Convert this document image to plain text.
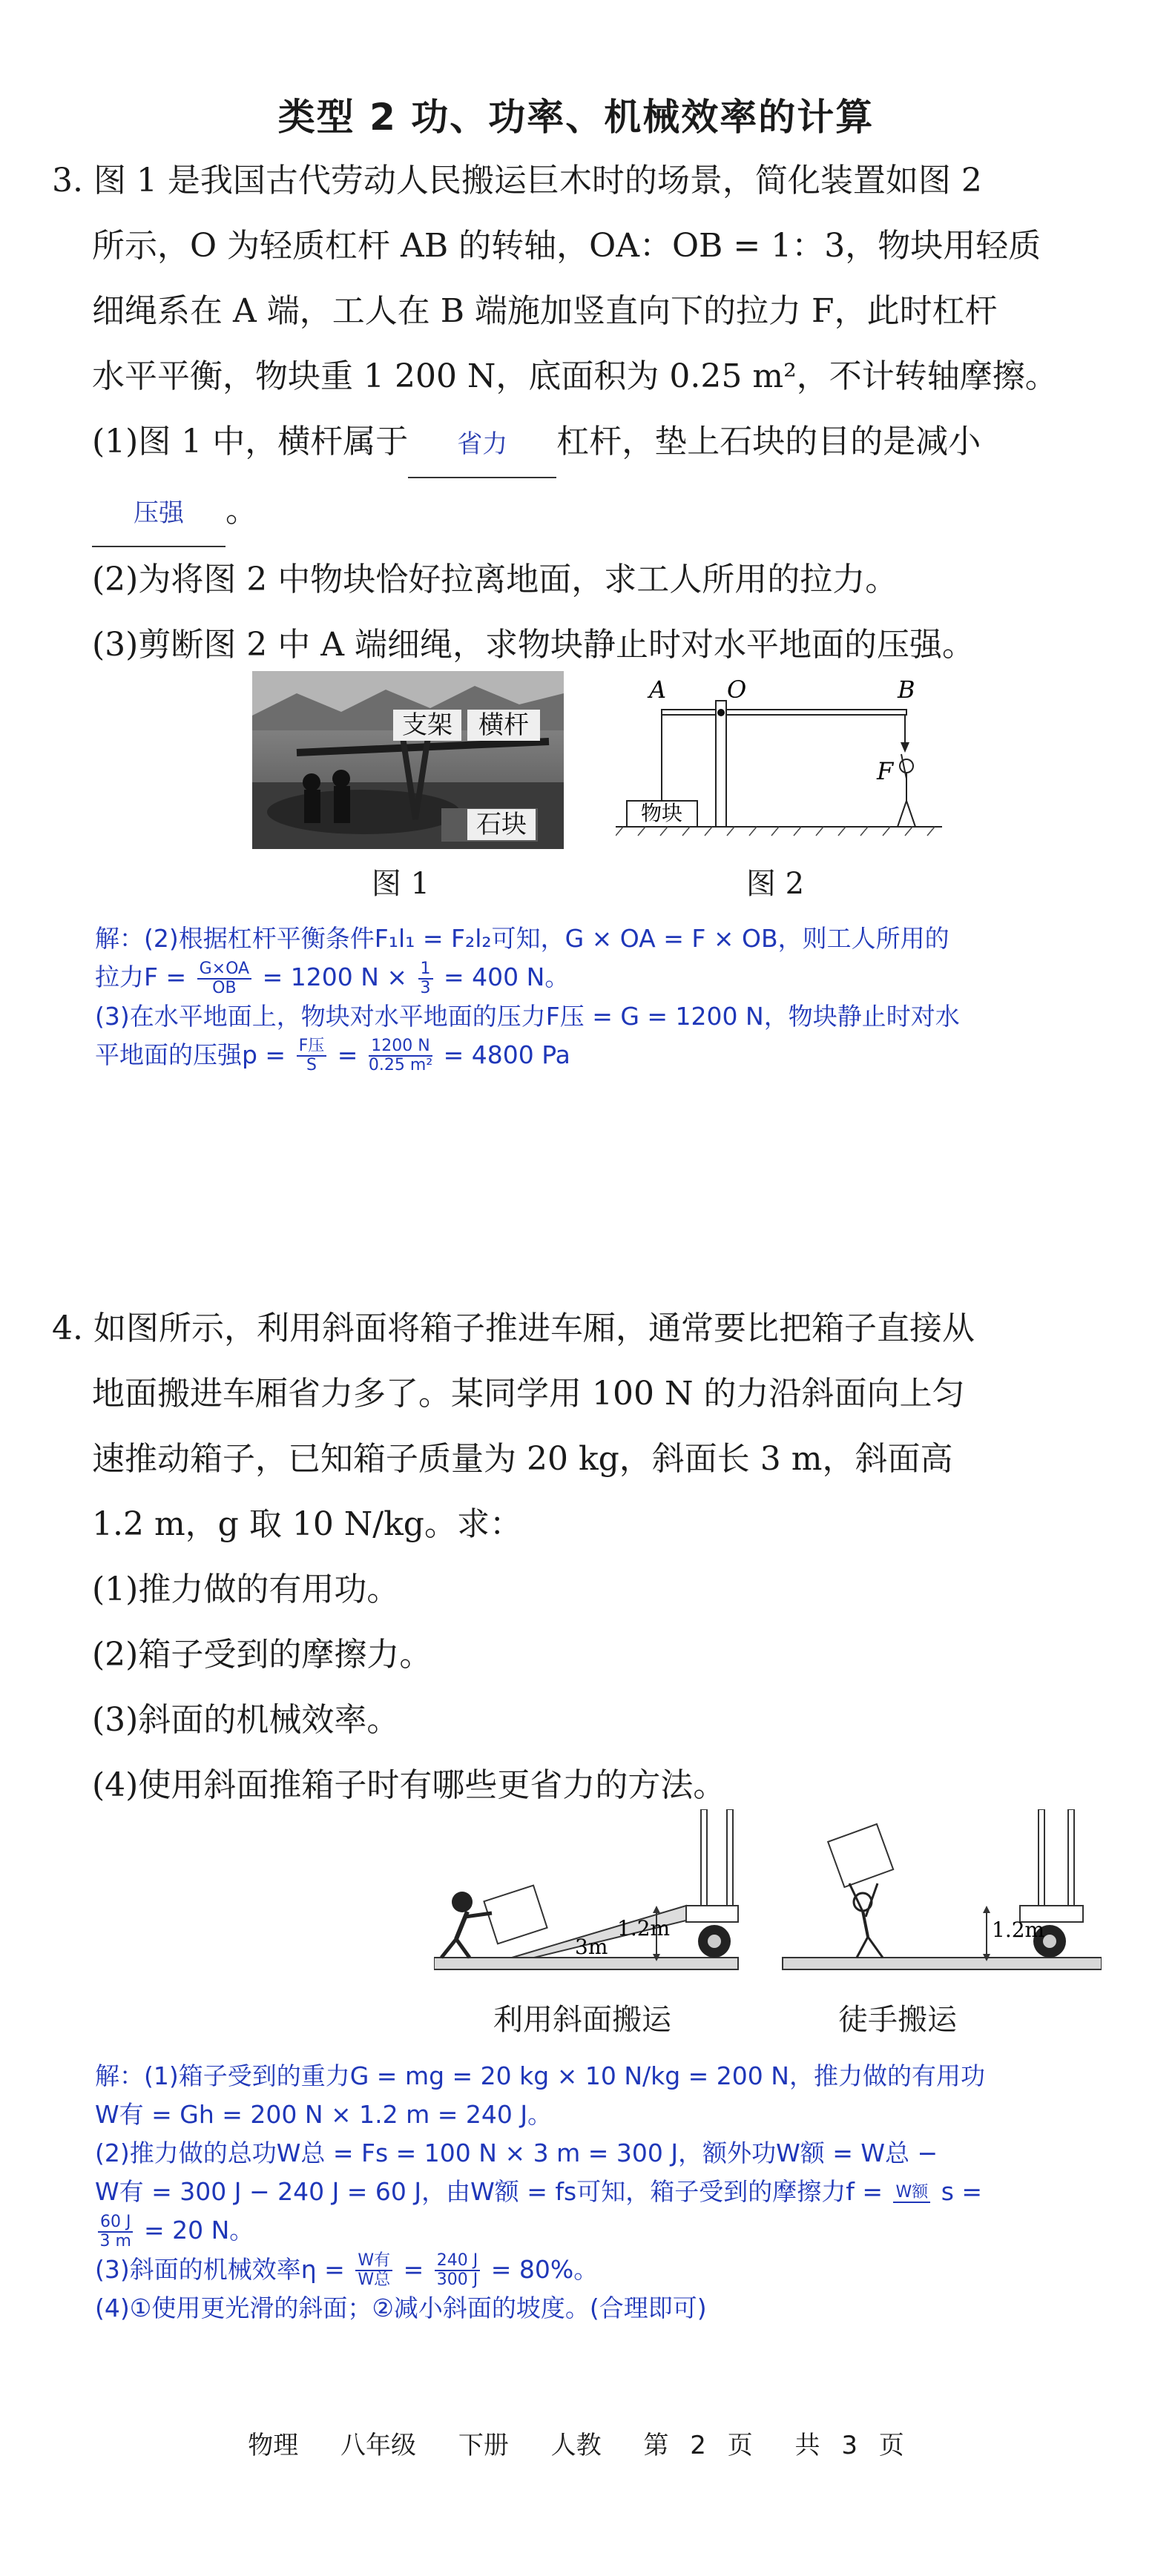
类型 2 功、功率、机械效率的计算
3. 图 1 是我国古代劳动人民搬运巨木时的场景，简化装置如图 2
所示，O 为轻质杠杆 AB 的转轴，OA：OB = 1：3，物块用轻质
细绳系在 A 端，工人在 B 端施加竖直向下的拉力 F，此时杠杆
水平平衡，物块重 1 200 N，底面积为 0.25 m²，不计转轴摩擦。
(1)图 1 中，横杆属于 省力 杠杆，垫上石块的目的是减小
压强 。
(2)为将图 2 中物块恰好拉离地面，求工人所用的拉力。
(3)剪断图 2 中 A 端细绳，求物块静止时对水平地面的压强。
支架 横杆
石块
A	O	B
物块
F
图 1	图 2
解：(2)根据杠杆平衡条件F₁l₁ = F₂l₂可知，G × OA = F × OB，则工人所用的
拉力$F = \frac{G\times OA}{OB} = 1200$ $N \times \frac{1}{3} = 400$ N。
(3)在水平地面上，物块对水平地面的压力F压 = G = 1200 N，物块静止时对水
平地面的压强$p = \frac{\text{F压}}{S} = \frac{1200 N}{\text{0.25 m²}} = 4800$ Pa
4. 如图所示，利用斜面将箱子推进车厢，通常要比把箱子直接从
地面搬进车厢省力多了。某同学用 100 N 的力沿斜面向上匀
速推动箱子，已知箱子质量为 20 kg，斜面长 3 m，斜面高
1.2 m，g 取 10 N/kg。求：
(1)推力做的有用功。
(2)箱子受到的摩擦力。
(3)斜面的机械效率。
(4)使用斜面推箱子时有哪些更省力的方法。
1.2m
3m
1.2m
利用斜面搬运	徒手搬运
解：(1)箱子受到的重力G = mg = 20 kg × 10 N/kg = 200 N，推力做的有用功
W有 = Gh = 200 N × 1.2 m = 240 J。
(2)推力做的总功W总 = Fs = 100 N × 3 m = 300 J，额外功W额 = W总 −
W有 = 300 J − 240 J = 60 J，由W额 = fs可知，箱子受到的摩擦力f = W额 s =
$\frac{60 J}{3 m} = 20$ N。
(3)斜面的机械效率$\eta = \frac{\text{W有}}{\text{W总}} = \frac{240 J}{300 J} = 80\%$。
(4)①使用更光滑的斜面；②减小斜面的坡度。(合理即可)
物理 八年级 下册 人教 第 2 页 共 3 页
